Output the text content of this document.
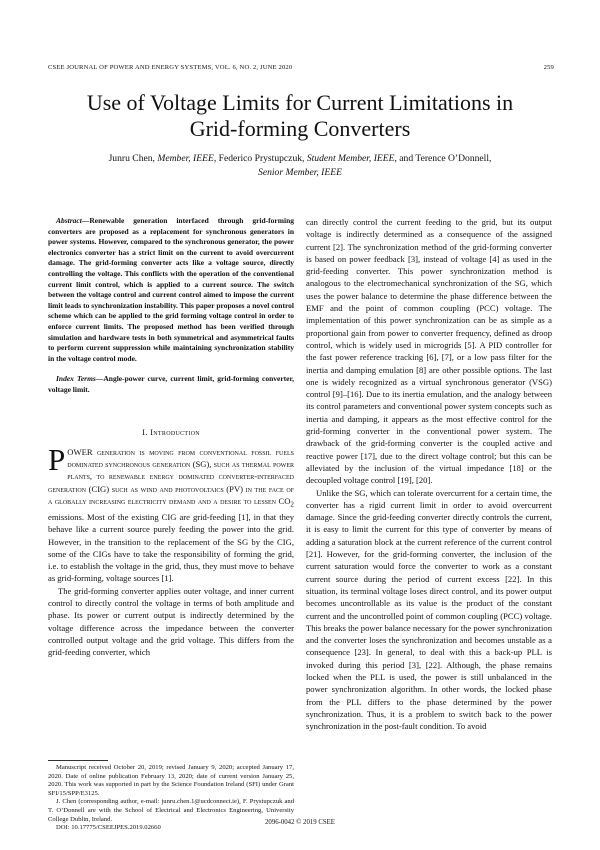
CSEE JOURNAL OF POWER AND ENERGY SYSTEMS, VOL. 6, NO. 2, JUNE 2020	259
Use of Voltage Limits for Current Limitations in
Grid-forming Converters
Junru Chen, Member, IEEE, Federico Prystupczuk, Student Member, IEEE, and Terence O’Donnell,
Senior Member, IEEE

Abstract—Renewable generation interfaced through grid-forming converters are proposed as a replacement for synchronous generators in power systems. However, compared to the synchronous generator, the power electronics converter has a strict limit on the current to avoid overcurrent damage. The grid-forming converter acts like a voltage source, directly controlling the voltage. This conflicts with the operation of the conventional current limit control, which is applied to a current source. The switch between the voltage control and current control aimed to impose the current limit leads to synchronization instability. This paper proposes a novel control scheme which can be applied to the grid forming voltage control in order to enforce current limits. The proposed method has been verified through simulation and hardware tests in both symmetrical and asymmetrical faults to perform current suppression while maintaining synchronization stability in the voltage control mode.

Index Terms—Angle-power curve, current limit, grid-forming converter, voltage limit.

I. Introduction

POWER generation is moving from conventional fossil fuels dominated synchronous generation (SG), such as thermal power plants, to renewable energy dominated converter-interfaced generation (CIG) such as wind and photovoltaics (PV) in the face of a globally increasing electricity demand and a desire to lessen $CO_2$ emissions. Most of the existing CIG are grid-feeding [1], in that they behave like a current source purely feeding the power into the grid. However, in the transition to the replacement of the SG by the CIG, some of the CIGs have to take the responsibility of forming the grid, i.e. to establish the voltage in the grid, thus, they must move to behave as grid-forming, voltage sources [1].

The grid-forming converter applies outer voltage, and inner current control to directly control the voltage in terms of both amplitude and phase. Its power or current output is indirectly determined by the voltage difference across the impedance between the converter controlled output voltage and the grid voltage. This differs from the grid-feeding converter, which

can directly control the current feeding to the grid, but its output voltage is indirectly determined as a consequence of the assigned current [2]. The synchronization method of the grid-forming converter is based on power feedback [3], instead of voltage [4] as used in the grid-feeding converter. This power synchronization method is analogous to the electromechanical synchronization of the SG, which uses the power balance to determine the phase difference between the EMF and the point of common coupling (PCC) voltage. The implementation of this power synchronization can be as simple as a proportional gain from power to converter frequency, defined as droop control, which is widely used in microgrids [5]. A PID controller for the fast power reference tracking [6], [7], or a low pass filter for the inertia and damping emulation [8] are other possible options. The last one is widely recognized as a virtual synchronous generator (VSG) control [9]–[16]. Due to its inertia emulation, and the analogy between its control parameters and conventional power system concepts such as inertia and damping, it appears as the most effective control for the grid-forming converter in the conventional power system. The drawback of the grid-forming converter is the coupled active and reactive power [17], due to the direct voltage control; but this can be alleviated by the inclusion of the virtual impedance [18] or the decoupled voltage control [19], [20].

Unlike the SG, which can tolerate overcurrent for a certain time, the converter has a rigid current limit in order to avoid overcurrent damage. Since the grid-feeding converter directly controls the current, it is easy to limit the current for this type of converter by means of adding a saturation block at the current reference of the current control [21]. However, for the grid-forming converter, the inclusion of the current saturation would force the converter to work as a constant current source during the period of current excess [22]. In this situation, its terminal voltage loses direct control, and its power output becomes uncontrollable as its value is the product of the constant current and the uncontrolled point of common coupling (PCC) voltage. This breaks the power balance necessary for the power synchronization and the converter loses the synchronization and becomes unstable as a consequence [23]. In general, to deal with this a back-up PLL is invoked during this period [3], [22]. Although, the phase remains locked when the PLL is used, the power is still unbalanced in the power synchronization algorithm. In other words, the locked phase from the PLL differs to the phase determined by the power synchronization. Thus, it is a problem to switch back to the power synchronization in the post-fault condition. To avoid

Manuscript received October 20, 2019; revised January 9, 2020; accepted January 17, 2020. Date of online publication February 13, 2020; date of current version January 25, 2020. This work was supported in part by the Science Foundation Ireland (SFI) under Grant SFI/15/SPP/E3125.

J. Chen (corresponding author, e-mail: junru.chen.1@ucdconnect.ie), F. Prystupczuk and T. O’Donnell are with the School of Electrical and Electronics Engineering, University College Dublin, Ireland.

DOI: 10.17775/CSEEJPES.2019.02660

2096-0042 © 2019 CSEE
